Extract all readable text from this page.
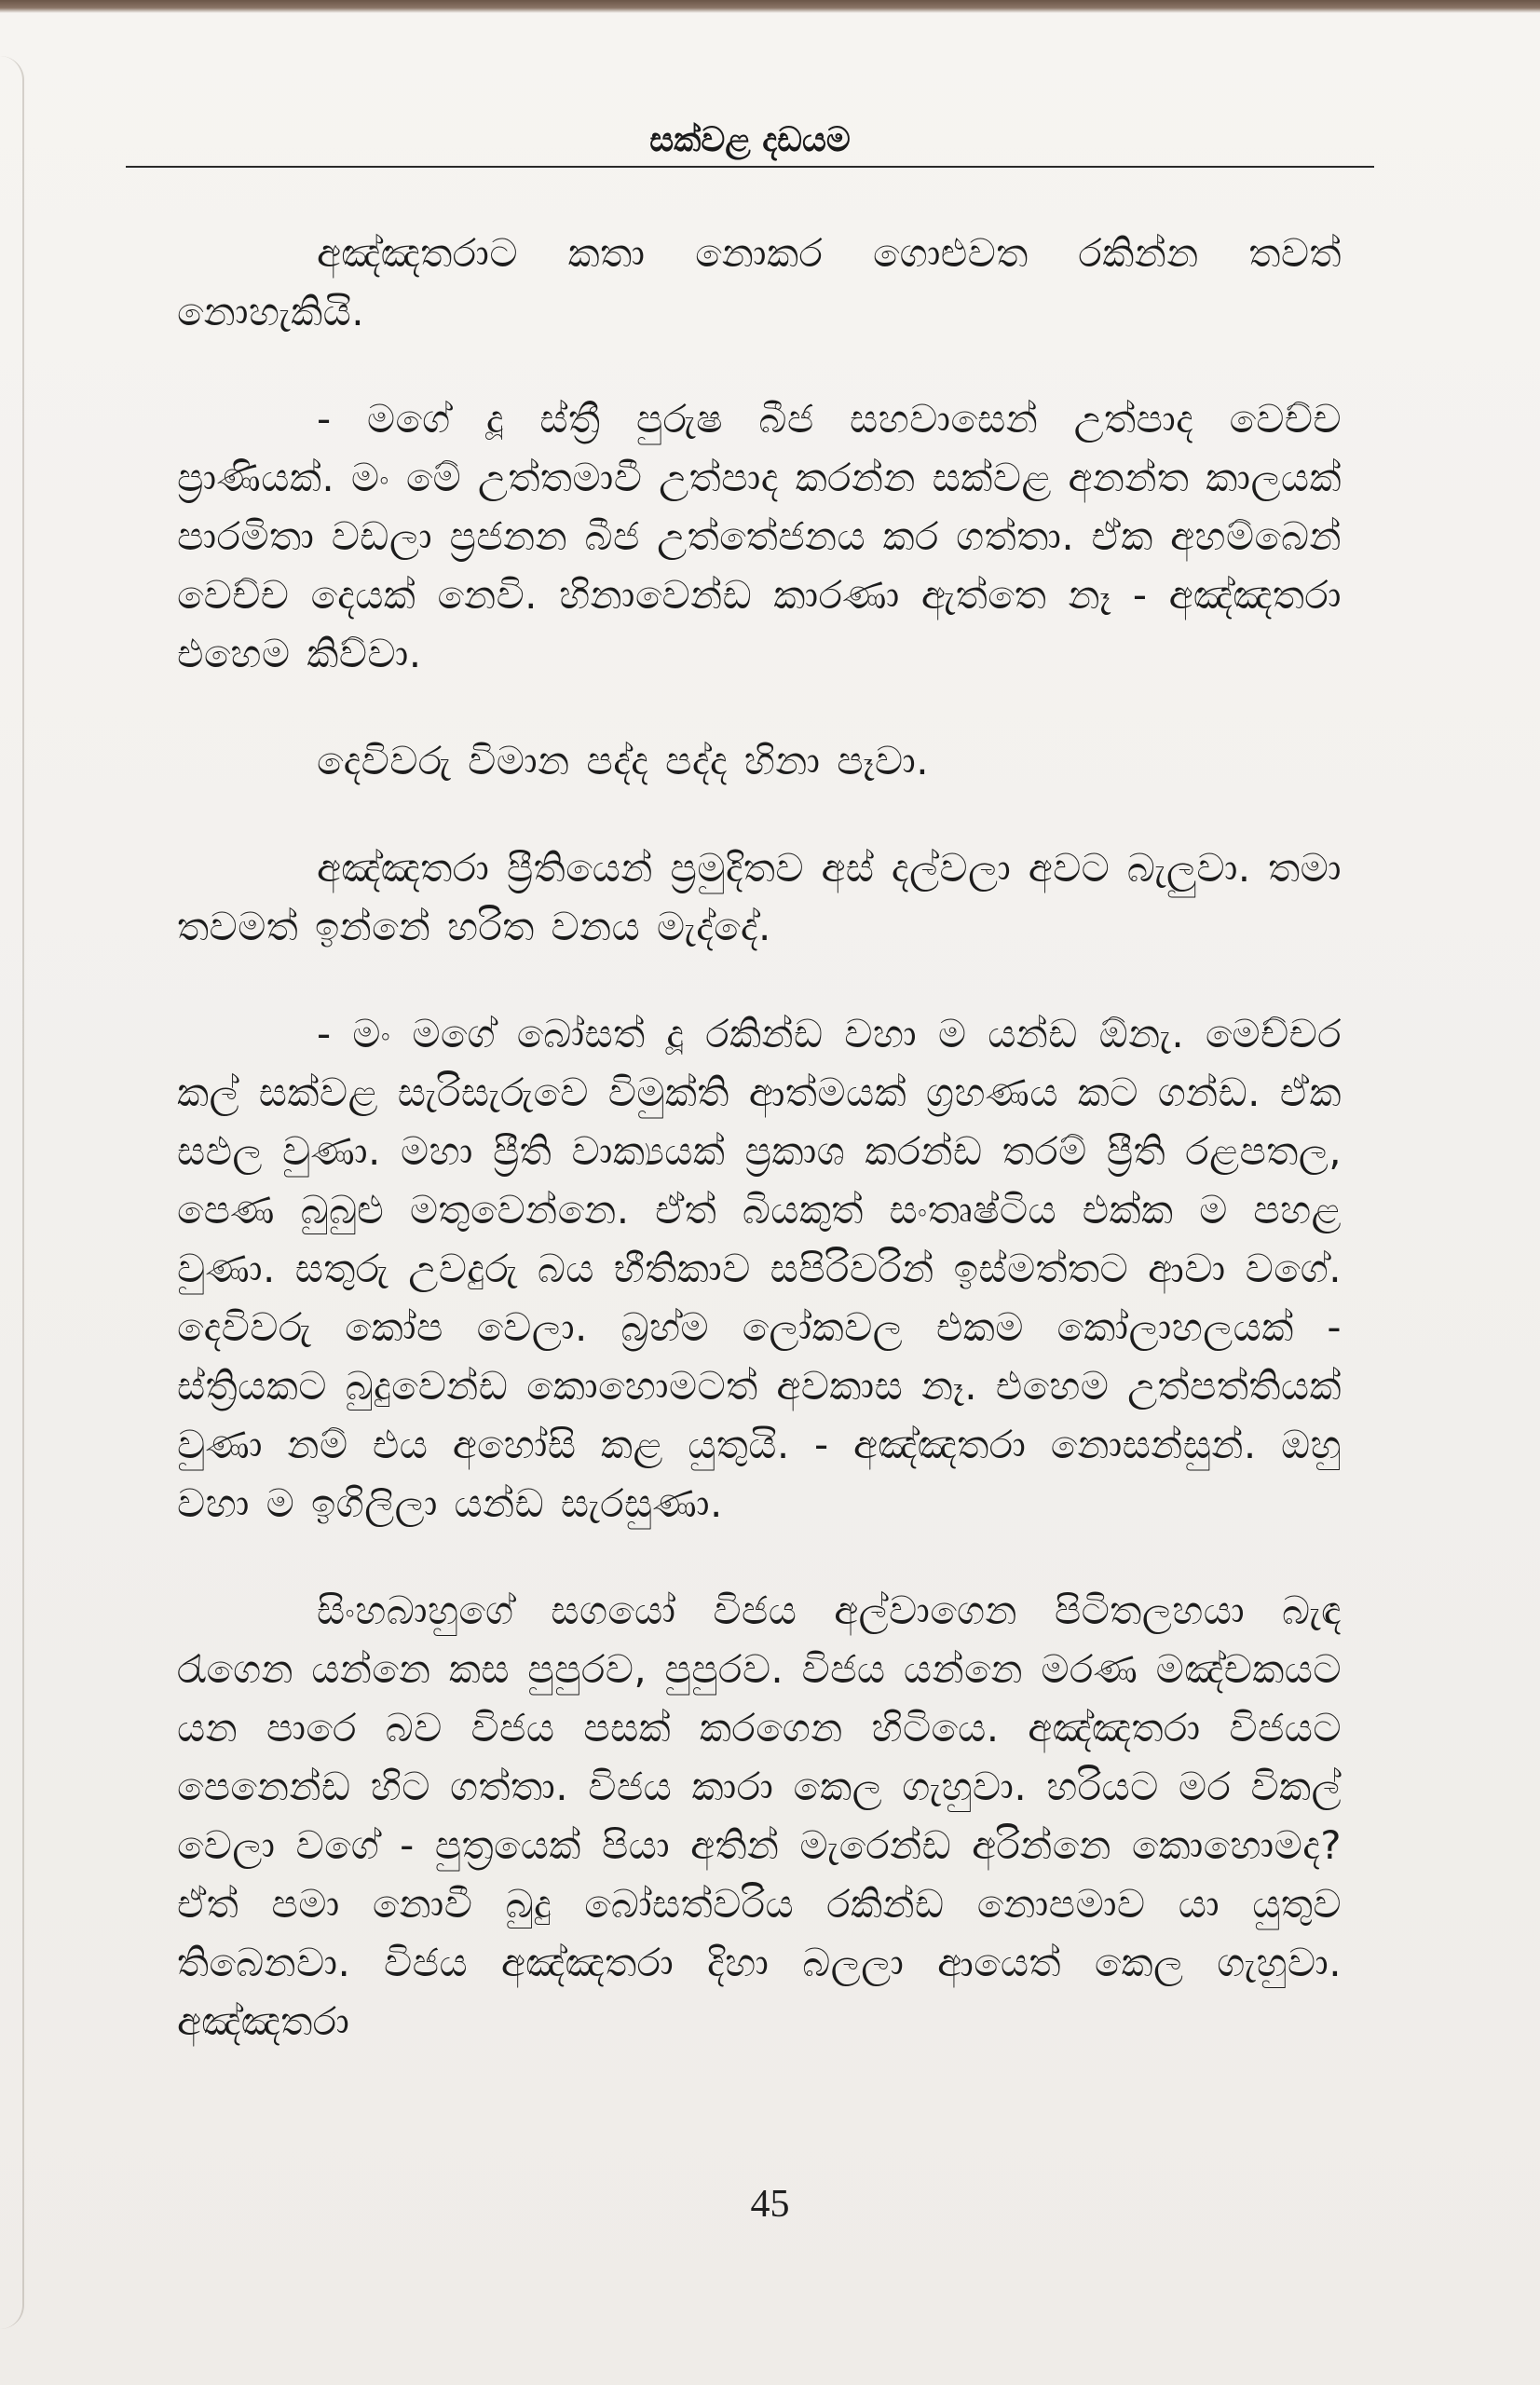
සක්වළ දඩයම

අඤ්ඤතරාට කතා නොකර ගොළුවත රකින්න තවත් නොහැකියි.

- මගේ දූ ස්ත්‍රී පුරුෂ බීජ සහවාසෙන් උත්පාද වෙච්ච ප්‍රාණියක්. මං මේ උත්තමාවී උත්පාද කරන්න සක්වළ අනන්ත කාලයක් පාරමිතා වඩලා ප්‍රජනන බීජ උත්තේජනය කර ගත්තා. ඒක අහම්බෙන් වෙච්ච දෙයක් නෙවි. හිනාවෙන්ඩ කාරණා ඇත්තෙ නෑ - අඤ්ඤතරා එහෙම කිව්වා.

දෙවිවරු විමාන පද්ද පද්ද හිනා පෑවා.

අඤ්ඤතරා ප්‍රීතියෙන් ප්‍රමුදිතව අස් දල්වලා අවට බැලුවා. තමා තවමත් ඉන්නේ හරිත වනය මැද්දේ.

- මං මගේ බෝසත් දූ රකින්ඩ වහා ම යන්ඩ ඕනැ. මෙච්චර කල් සක්වළ සැරිසැරුවෙ විමුක්ති ආත්මයක් ග්‍රහණය කට ගන්ඩ. ඒක සඵල වුණා. මහා ප්‍රීති වාක්‍යයක් ප්‍රකාශ කරන්ඩ තරම් ප්‍රීති රළපතල, පෙණ බුබුළු මතුවෙන්නෙ. ඒත් බියකුත් සංතෘෂ්ටිය එක්ක ම පහළ වුණා. සතුරු උවදුරු බය භීතිකාව සපිරිවරින් ඉස්මත්තට ආවා වගේ. දෙවිවරු කෝප වෙලා. බ්‍රහ්ම ලෝකවල එකම කෝලාහලයක් - ස්ත්‍රියකට බුදුවෙන්ඩ කොහොමටත් අවකාස නෑ. එහෙම උත්පත්තියක් වුණා නම් එය අහෝසි කළ යුතුයි. - අඤ්ඤතරා නොසන්සුන්. ඔහු වහා ම ඉගිලිලා යන්ඩ සැරසුණා.

සිංහබාහුගේ සගයෝ විජය අල්වාගෙන පිටිතලහයා බැඳ රැගෙන යන්නෙ කස පුපුරව, පුපුරව. විජය යන්නෙ මරණ මඤ්චකයට යන පාරෙ බව විජය පසක් කරගෙන හිටියෙ. අඤ්ඤතරා විජයට පෙනෙන්ඩ හිට ගත්තා. විජය කාරා කෙල ගැහුවා. හරියට මර විකල් වෙලා වගේ - පුත්‍රයෙක් පියා අතින් මැරෙන්ඩ අරින්නෙ කොහොමද? ඒත් පමා නොවී බුදු බෝසත්වරිය රකින්ඩ නොපමාව යා යුතුව තිබෙනවා. විජය අඤ්ඤතරා දිහා බලලා ආයෙත් කෙල ගැහුවා. අඤ්ඤතරා

45
